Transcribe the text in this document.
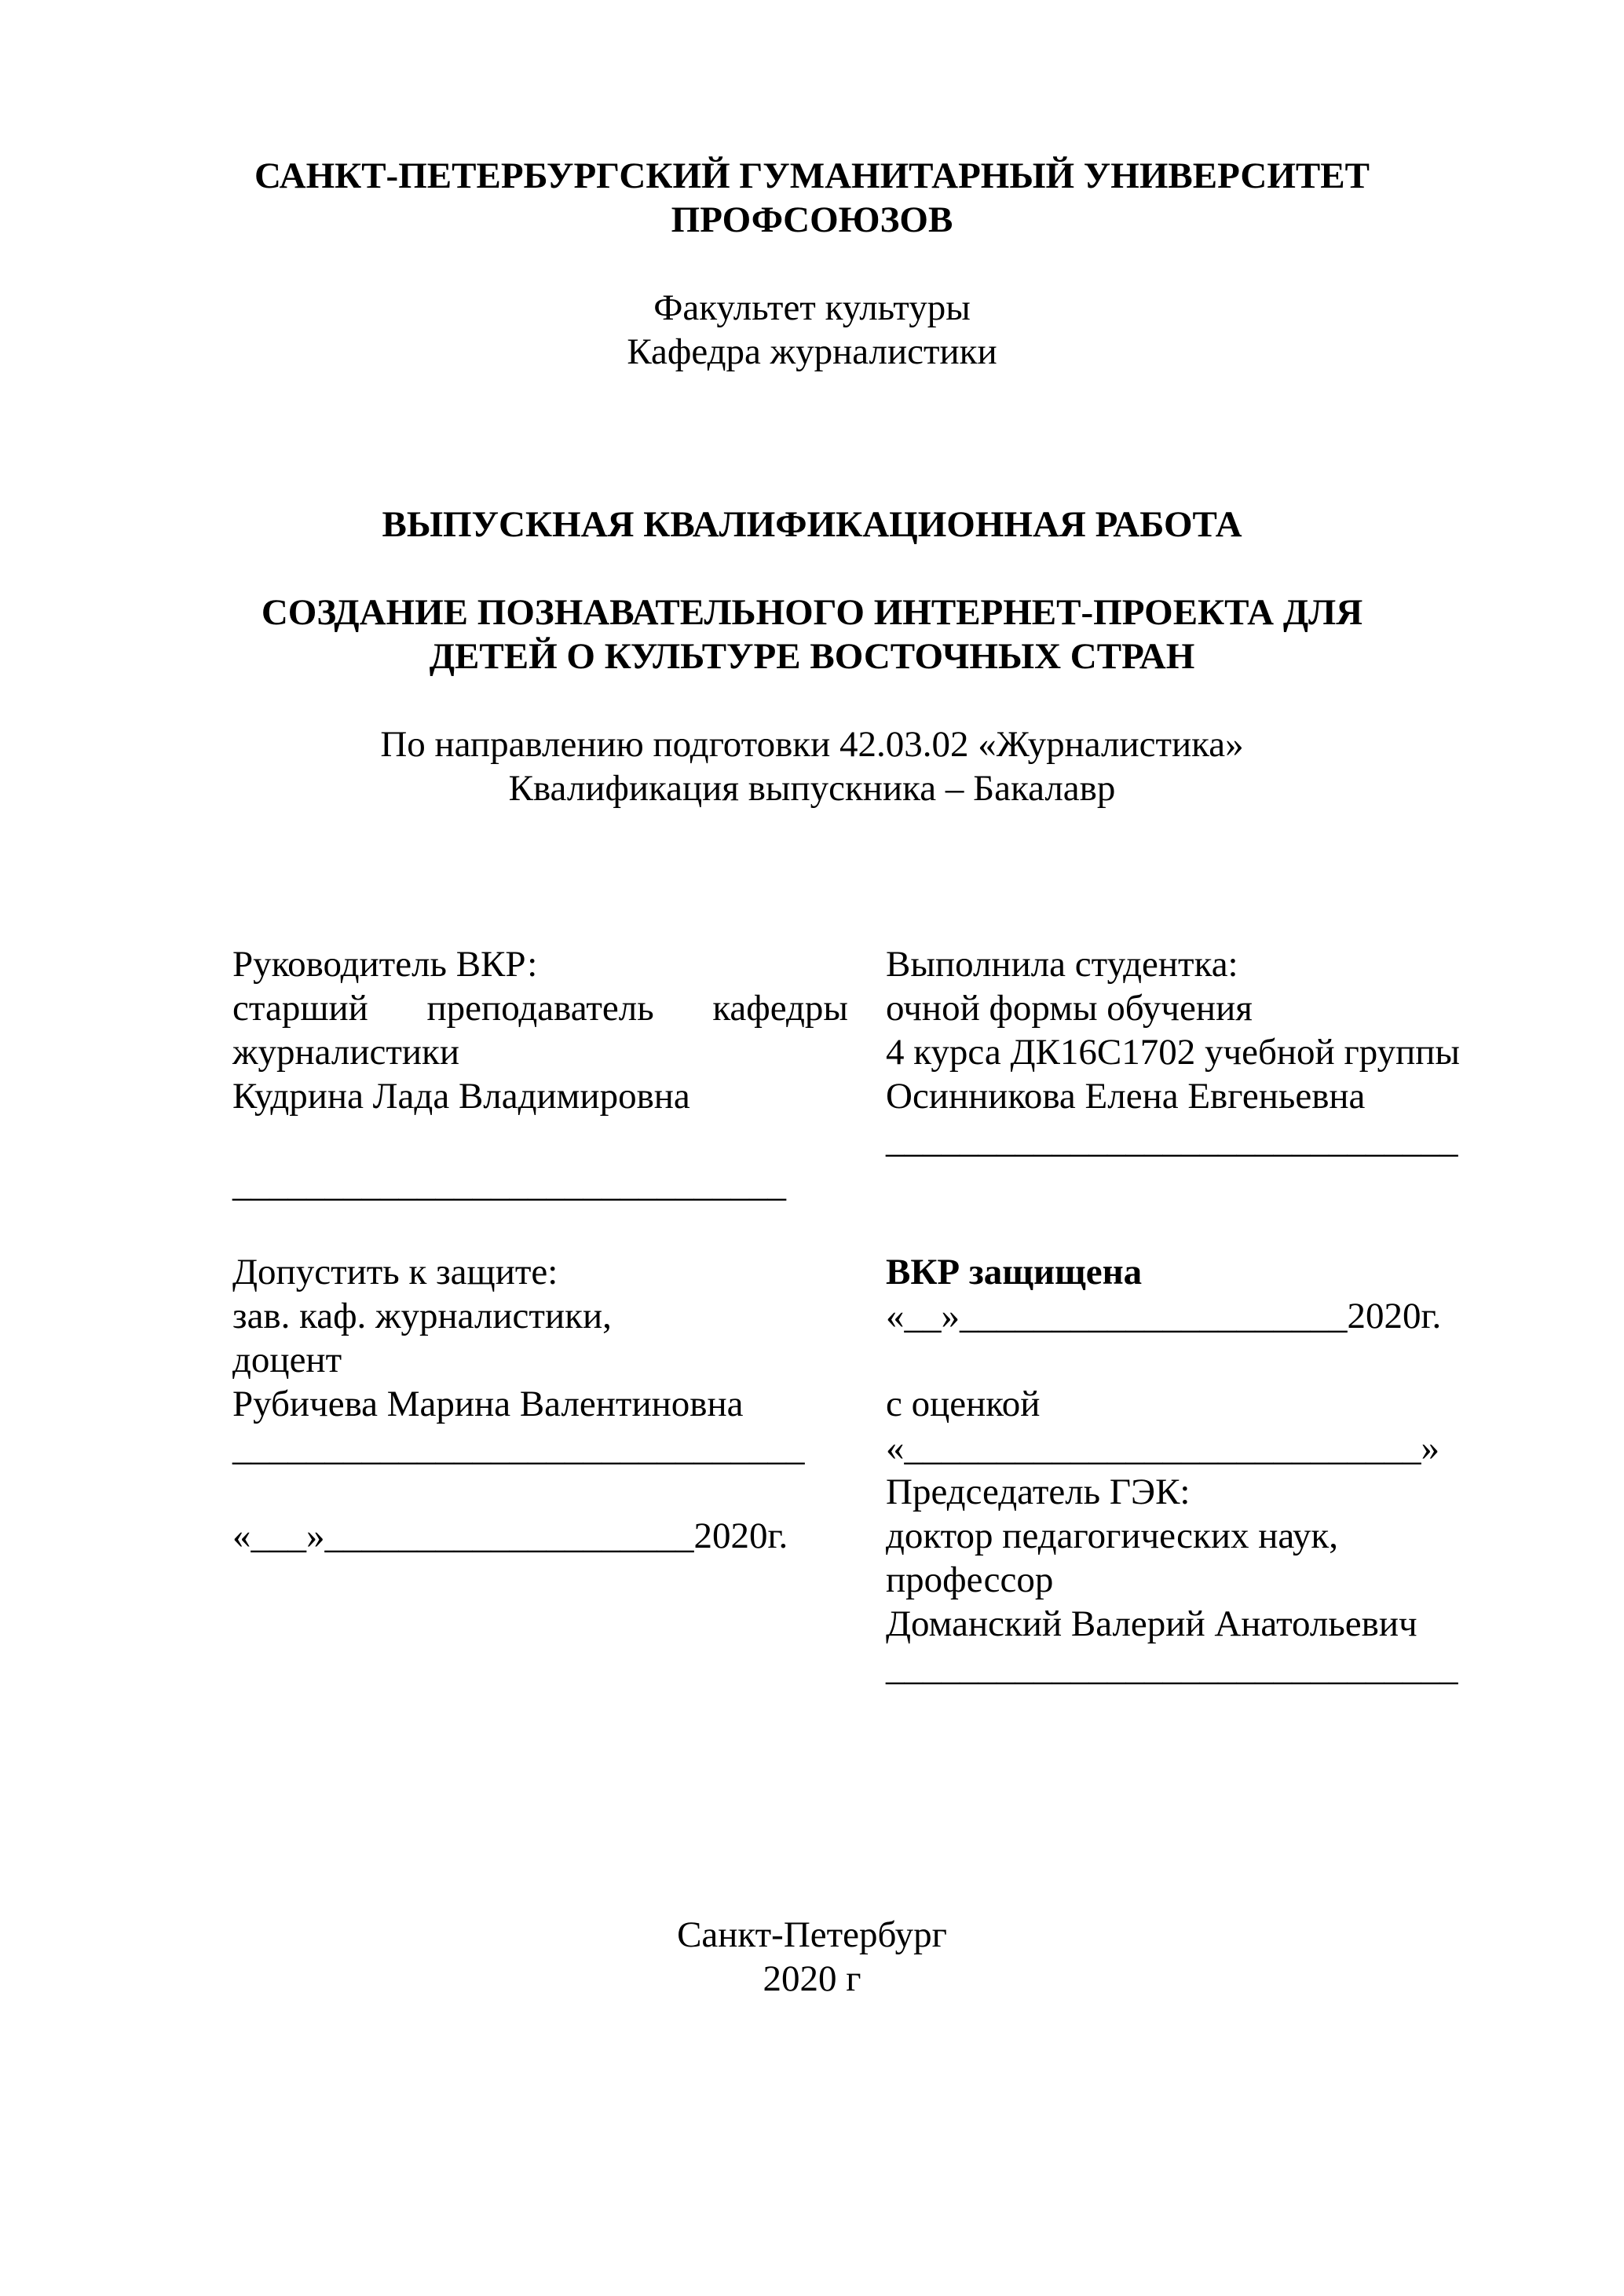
САНКТ-ПЕТЕРБУРГСКИЙ ГУМАНИТАРНЫЙ УНИВЕРСИТЕТ
ПРОФСОЮЗОВ
Факультет культуры
Кафедра журналистики
ВЫПУСКНАЯ КВАЛИФИКАЦИОННАЯ РАБОТА
СОЗДАНИЕ ПОЗНАВАТЕЛЬНОГО ИНТЕРНЕТ-ПРОЕКТА ДЛЯ
ДЕТЕЙ О КУЛЬТУРЕ ВОСТОЧНЫХ СТРАН
По направлению подготовки 42.03.02 «Журналистика»
Квалификация выпускника – Бакалавр
Руководитель ВКР:
старший преподаватель кафедры
журналистики
Кудрина Лада Владимировна
______________________________
Выполнила студентка:
очной формы обучения
4 курса ДК16С1702 учебной группы
Осинникова Елена Евгеньевна
_______________________________
Допустить к защите:
зав. каф. журналистики,
доцент
Рубичева Марина Валентиновна
_______________________________
«___»____________________2020г.
ВКР защищена
«__»_____________________2020г.
с оценкой
«____________________________»
Председатель ГЭК:
доктор педагогических наук,
профессор
Доманский Валерий Анатольевич
_______________________________
Санкт-Петербург
2020 г
